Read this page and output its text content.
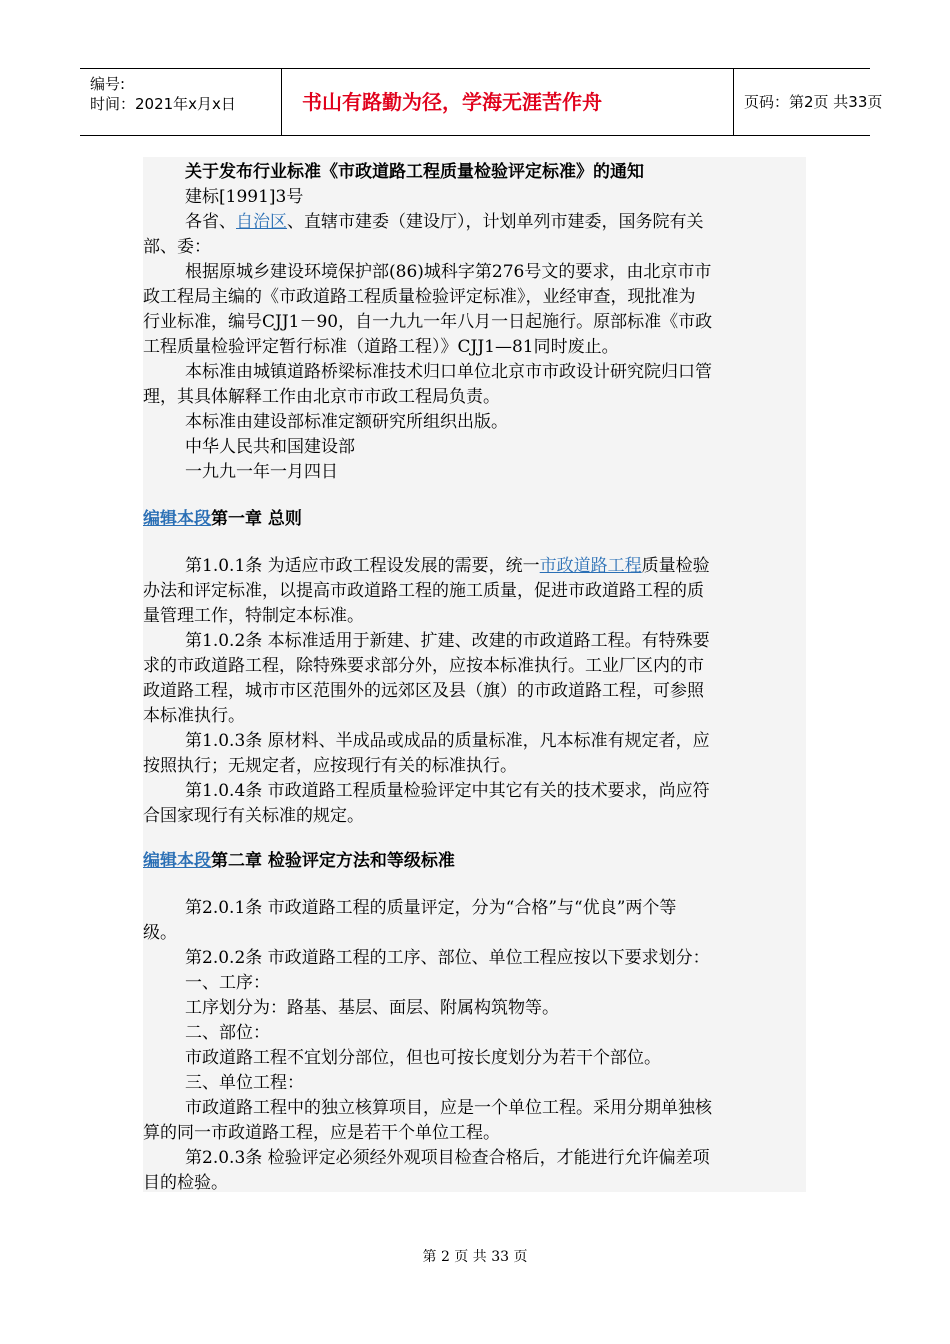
编号:
时间：2021年x月x日	书山有路勤为径，学海无涯苦作舟	页码：第2页 共33页
关于发布行业标准《市政道路工程质量检验评定标准》的通知
建标[1991]3号
各省、自治区、直辖市建委（建设厅），计划单列市建委，国务院有关
部、委：
根据原城乡建设环境保护部(86)城科字第276号文的要求，由北京市市
政工程局主编的《市政道路工程质量检验评定标准》，业经审查，现批准为
行业标准，编号CJJ1－90，自一九九一年八月一日起施行。原部标准《市政
工程质量检验评定暂行标准（道路工程）》CJJ1—81同时废止。
本标准由城镇道路桥梁标准技术归口单位北京市市政设计研究院归口管
理，其具体解释工作由北京市市政工程局负责。
本标准由建设部标准定额研究所组织出版。
中华人民共和国建设部
一九九一年一月四日
编辑本段第一章 总则
第1.0.1条 为适应市政工程设发展的需要，统一市政道路工程质量检验
办法和评定标准，以提高市政道路工程的施工质量，促进市政道路工程的质
量管理工作，特制定本标准。
第1.0.2条 本标准适用于新建、扩建、改建的市政道路工程。有特殊要
求的市政道路工程，除特殊要求部分外，应按本标准执行。工业厂区内的市
政道路工程，城市市区范围外的远郊区及县（旗）的市政道路工程，可参照
本标准执行。
第1.0.3条 原材料、半成品或成品的质量标准，凡本标准有规定者，应
按照执行；无规定者，应按现行有关的标准执行。
第1.0.4条 市政道路工程质量检验评定中其它有关的技术要求，尚应符
合国家现行有关标准的规定。
编辑本段第二章 检验评定方法和等级标准
第2.0.1条 市政道路工程的质量评定，分为“合格”与“优良”两个等
级。
第2.0.2条 市政道路工程的工序、部位、单位工程应按以下要求划分：
一、工序：
工序划分为：路基、基层、面层、附属构筑物等。
二、部位：
市政道路工程不宜划分部位，但也可按长度划分为若干个部位。
三、单位工程：
市政道路工程中的独立核算项目，应是一个单位工程。采用分期单独核
算的同一市政道路工程，应是若干个单位工程。
第2.0.3条 检验评定必须经外观项目检查合格后，才能进行允许偏差项
目的检验。
第 2 页 共 33 页
